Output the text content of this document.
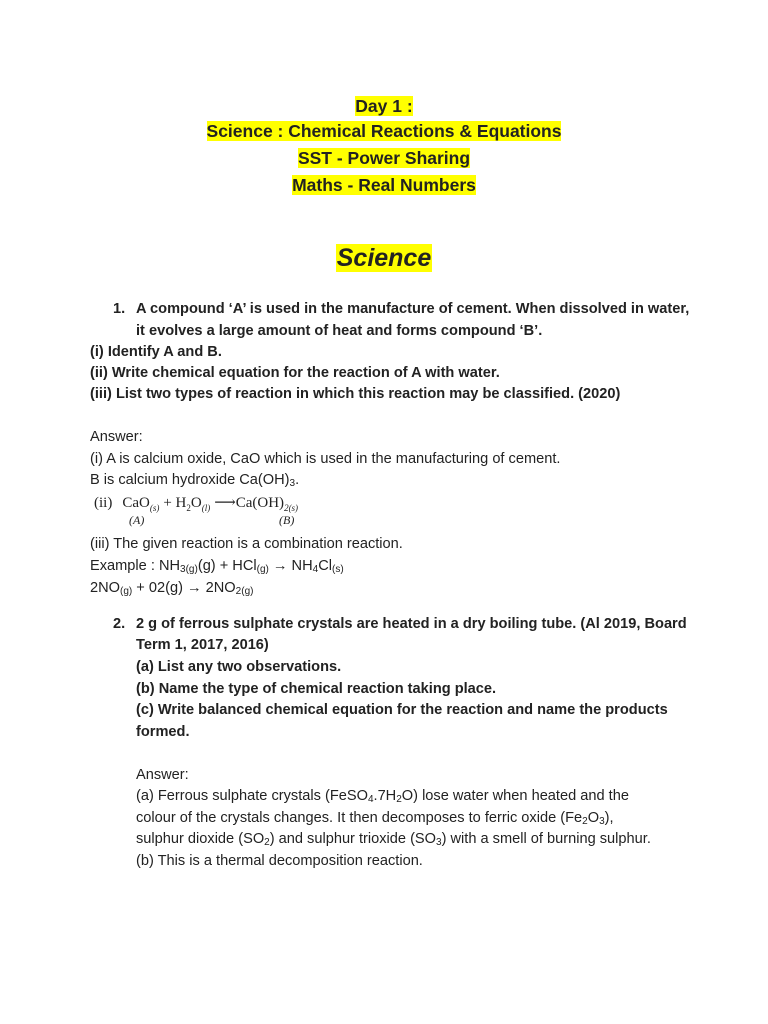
Day 1 :
Science : Chemical Reactions & Equations
SST - Power Sharing
Maths - Real Numbers
Science
1. A compound ‘A’ is used in the manufacture of cement. When dissolved in water,
it evolves a large amount of heat and forms compound ‘B’.
(i) Identify A and B.
(ii) Write chemical equation for the reaction of A with water.
(iii) List two types of reaction in which this reaction may be classified. (2020)
Answer:
(i) A is calcium oxide, CaO which is used in the manufacturing of cement.
B is calcium hydroxide $Ca(OH)_3$.
(ii) $CaO_{(s)} + H_2O_{(l)}$ $⟶Ca(OH)_{2(s)}$
(A)	(B)
(iii) The given reaction is a combination reaction.
Example : $NH_{3(g)}(g) + HCl_{(g)} \to NH_4Cl_{(s)}$
$2NO_{(g)} + 02(g) \to 2NO_{2(g)}$
2. 2 g of ferrous sulphate crystals are heated in a dry boiling tube. (Al 2019, Board
Term 1, 2017, 2016)
(a) List any two observations.
(b) Name the type of chemical reaction taking place.
(c) Write balanced chemical equation for the reaction and name the products
formed.
Answer:
(a) Ferrous sulphate crystals $(FeSO_4.7H_2O)$ lose water when heated and the
colour of the crystals changes. It then decomposes to ferric oxide $(Fe_2O_3)$,
sulphur dioxide $(SO_2)$ and sulphur trioxide $(SO_3)$ with a smell of burning sulphur.
(b) This is a thermal decomposition reaction.
